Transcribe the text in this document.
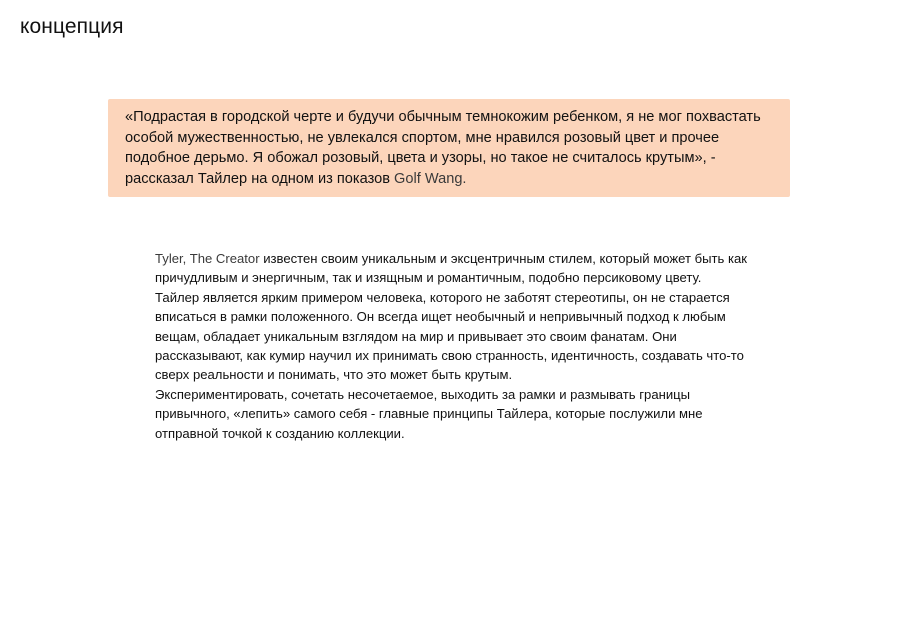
концепция
«Подрастая в городской черте и будучи обычным темнокожим ребенком, я не мог похвастать особой мужественностью, не увлекался спортом, мне нравился розовый цвет и прочее подобное дерьмо. Я обожал розовый, цвета и узоры, но такое не считалось крутым», - рассказал Тайлер на одном из показов Golf Wang.

Tyler, The Creator известен своим уникальным и эксцентричным стилем, который может быть как причудливым и энергичным, так и изящным и романтичным, подобно персиковому цвету.

Тайлер является ярким примером человека, которого не заботят стереотипы, он не старается вписаться в рамки положенного. Он всегда ищет необычный и непривычный подход к любым вещам, обладает уникальным взглядом на мир и привывает это своим фанатам. Они рассказывают, как кумир научил их принимать свою странность, идентичность, создавать что-то сверх реальности и понимать, что это может быть крутым.

Экспериментировать, сочетать несочетаемое, выходить за рамки и размывать границы привычного, «лепить» самого себя - главные принципы Тайлера, которые послужили мне отправной точкой к созданию коллекции.
